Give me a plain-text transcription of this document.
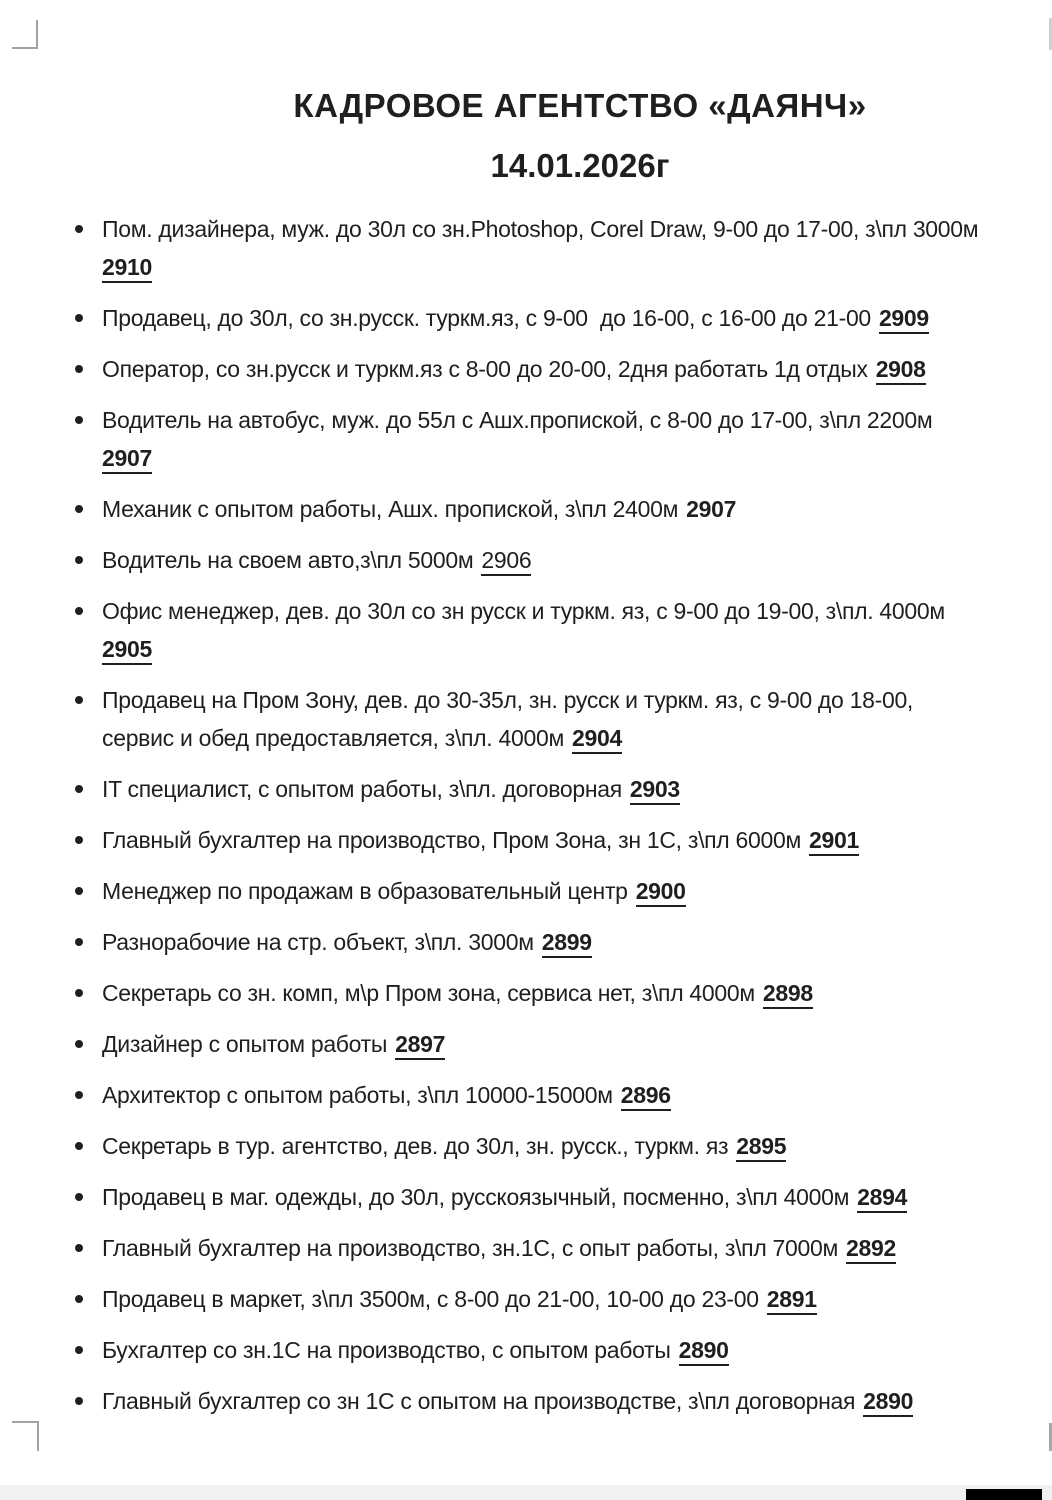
КАДРОВОЕ АГЕНТСТВО «ДАЯНЧ»
14.01.2026г
Пом. дизайнера, муж. до 30л со зн.Photoshop, Corel Draw, 9-00 до 17-00, з\пл 3000м
2910
Продавец, до 30л, со зн.русск. туркм.яз, с 9-00  до 16-00, с 16-00 до 21-00 2909
Оператор, со зн.русск и туркм.яз с 8-00 до 20-00, 2дня работать 1д отдых 2908
Водитель на автобус, муж. до 55л с Ашх.пропиской, с 8-00 до 17-00, з\пл 2200м
2907
Механик с опытом работы, Ашх. пропиской, з\пл 2400м 2907
Водитель на своем авто,з\пл 5000м 2906
Офис менеджер, дев. до 30л со зн русск и туркм. яз, с 9-00 до 19-00, з\пл. 4000м
2905
Продавец на Пром Зону, дев. до 30-35л, зн. русск и туркм. яз, с 9-00 до 18-00,
сервис и обед предоставляется, з\пл. 4000м 2904
IT специалист, с опытом работы, з\пл. договорная 2903
Главный бухгалтер на производство, Пром Зона, зн 1С, з\пл 6000м 2901
Менеджер по продажам в образовательный центр 2900
Разнорабочие на стр. объект, з\пл. 3000м 2899
Секретарь со зн. комп, м\р Пром зона, сервиса нет, з\пл 4000м 2898
Дизайнер с опытом работы 2897
Архитектор с опытом работы, з\пл 10000-15000м 2896
Секретарь в тур. агентство, дев. до 30л, зн. русск., туркм. яз 2895
Продавец в маг. одежды, до 30л, русскоязычный, посменно, з\пл 4000м 2894
Главный бухгалтер на производство, зн.1С, с опыт работы, з\пл 7000м 2892
Продавец в маркет, з\пл 3500м, с 8-00 до 21-00, 10-00 до 23-00 2891
Бухгалтер со зн.1С на производство, с опытом работы 2890
Главный бухгалтер со зн 1С с опытом на производстве, з\пл договорная 2890
